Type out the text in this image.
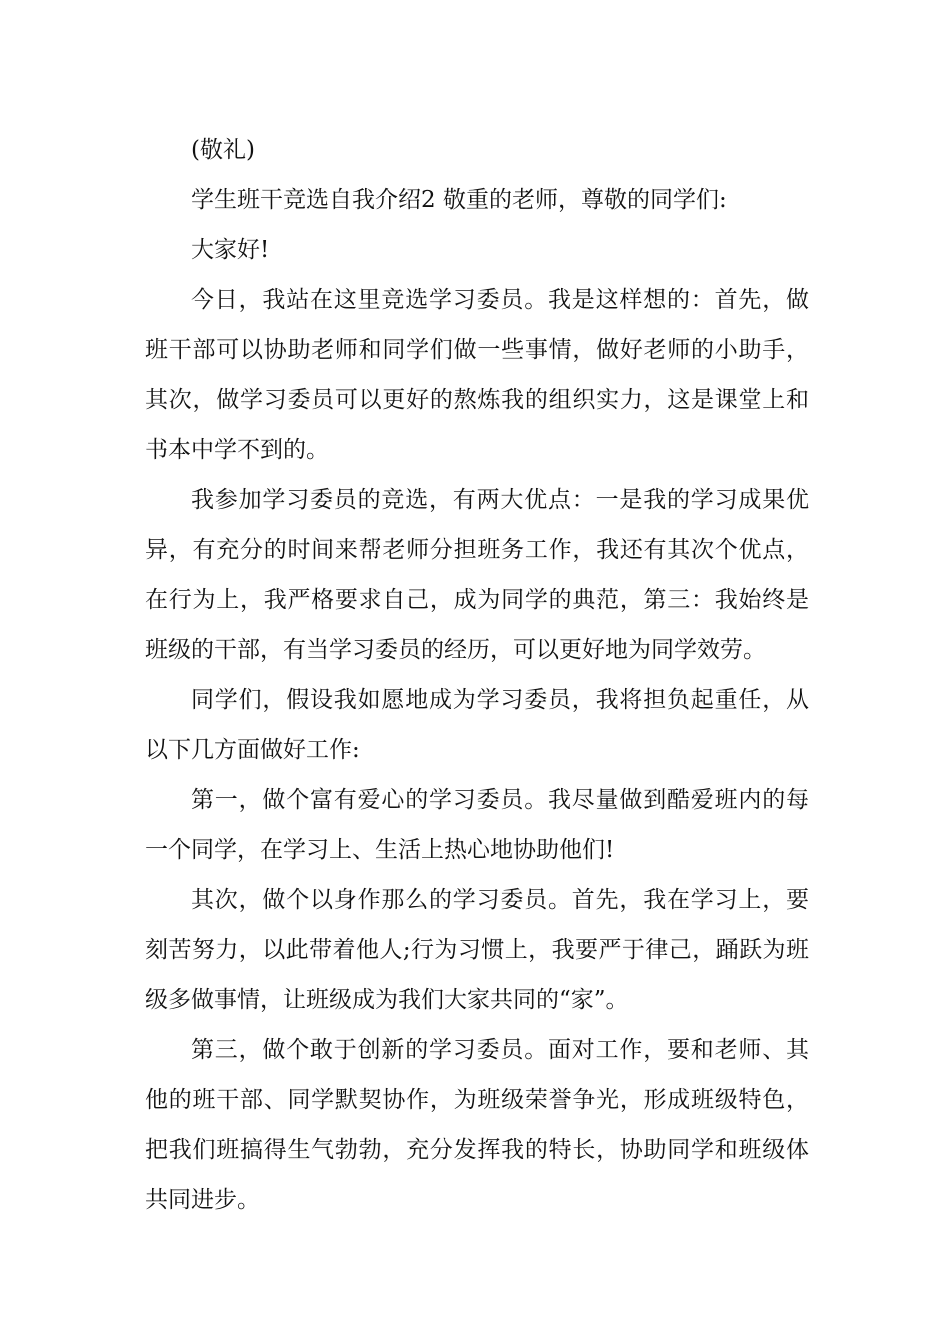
(敬礼)

学生班干竞选自我介绍2 敬重的老师，尊敬的同学们:

大家好!

今日，我站在这里竞选学习委员。我是这样想的：首先，做班干部可以协助老师和同学们做一些事情，做好老师的小助手，其次，做学习委员可以更好的熬炼我的组织实力，这是课堂上和书本中学不到的。

我参加学习委员的竞选，有两大优点：一是我的学习成果优异，有充分的时间来帮老师分担班务工作，我还有其次个优点，在行为上，我严格要求自己，成为同学的典范，第三：我始终是班级的干部，有当学习委员的经历，可以更好地为同学效劳。

同学们，假设我如愿地成为学习委员，我将担负起重任，从以下几方面做好工作:

第一，做个富有爱心的学习委员。我尽量做到酷爱班内的每一个同学，在学习上、生活上热心地协助他们!

其次，做个以身作那么的学习委员。首先，我在学习上，要刻苦努力，以此带着他人;行为习惯上，我要严于律己，踊跃为班级多做事情，让班级成为我们大家共同的“家”。

第三，做个敢于创新的学习委员。面对工作，要和老师、其他的班干部、同学默契协作，为班级荣誉争光，形成班级特色，把我们班搞得生气勃勃，充分发挥我的特长，协助同学和班级体共同进步。
